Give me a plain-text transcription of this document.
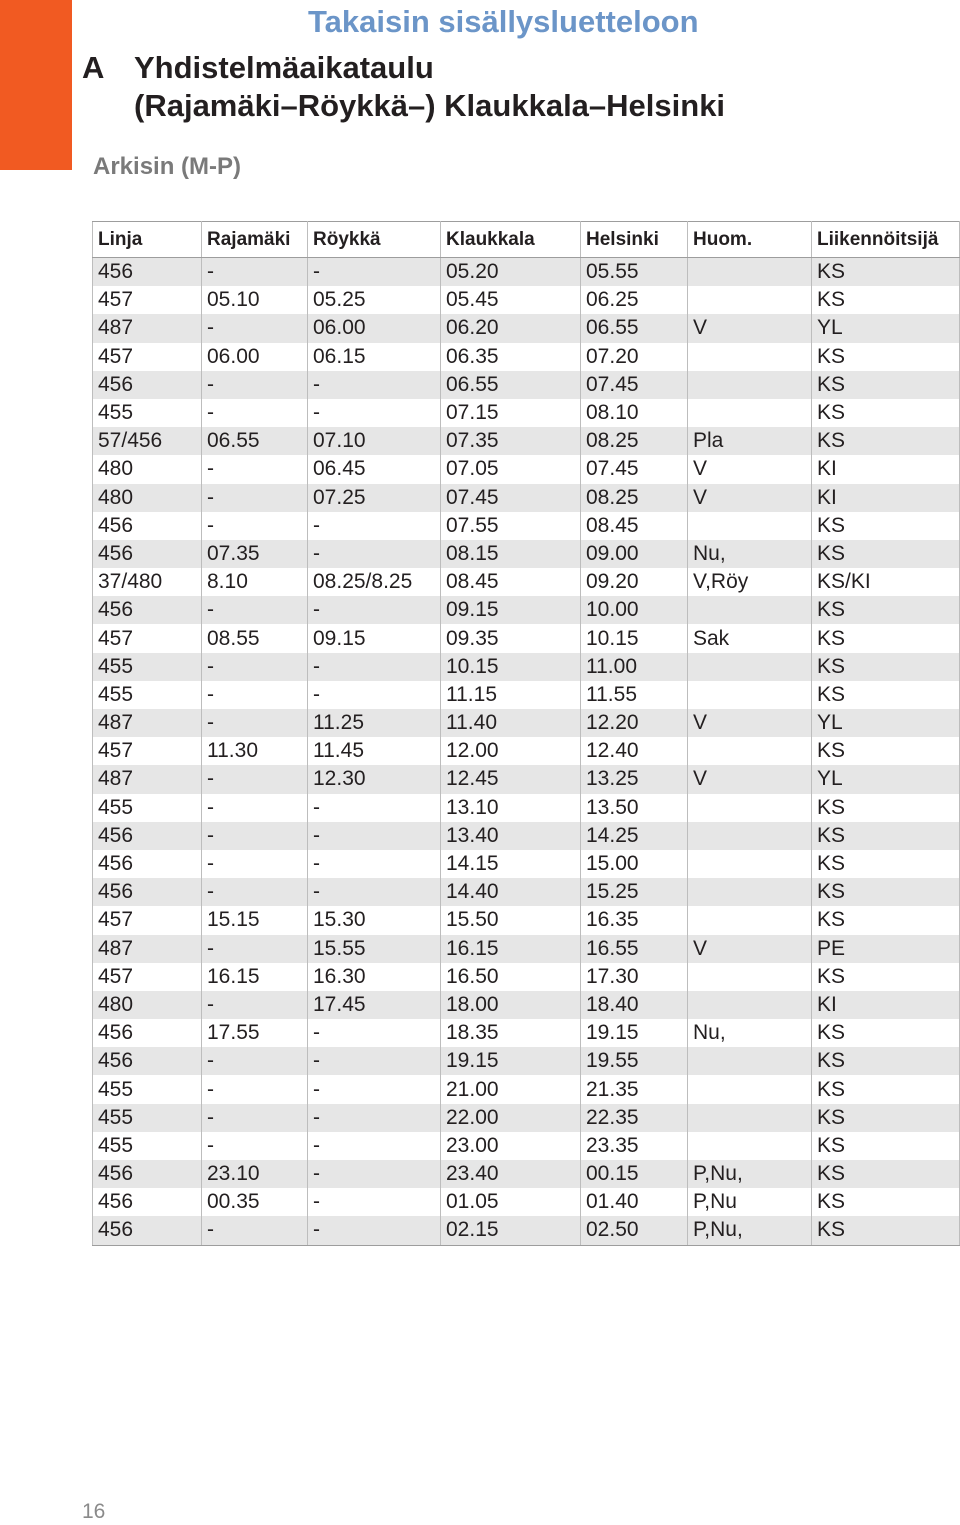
Takaisin sisällysluetteloon
A Yhdistelmäaikataulu
(Rajamäki–Röykkä–) Klaukkala–Helsinki
Arkisin (M-P)
Linja	Rajamäki	Röykkä	Klaukkala	Helsinki	Huom.	Liikennöitsijä
456	-	-	05.20	05.55		KS
457	05.10	05.25	05.45	06.25		KS
487	-	06.00	06.20	06.55	V	YL
457	06.00	06.15	06.35	07.20		KS
456	-	-	06.55	07.45		KS
455	-	-	07.15	08.10		KS
57/456	06.55	07.10	07.35	08.25	Pla	KS
480	-	06.45	07.05	07.45	V	KI
480	-	07.25	07.45	08.25	V	KI
456	-	-	07.55	08.45		KS
456	07.35	-	08.15	09.00	Nu,	KS
37/480	8.10	08.25/8.25	08.45	09.20	V,Röy	KS/KI
456	-	-	09.15	10.00		KS
457	08.55	09.15	09.35	10.15	Sak	KS
455	-	-	10.15	11.00		KS
455	-	-	11.15	11.55		KS
487	-	11.25	11.40	12.20	V	YL
457	11.30	11.45	12.00	12.40		KS
487	-	12.30	12.45	13.25	V	YL
455	-	-	13.10	13.50		KS
456	-	-	13.40	14.25		KS
456	-	-	14.15	15.00		KS
456	-	-	14.40	15.25		KS
457	15.15	15.30	15.50	16.35		KS
487	-	15.55	16.15	16.55	V	PE
457	16.15	16.30	16.50	17.30		KS
480	-	17.45	18.00	18.40		KI
456	17.55	-	18.35	19.15	Nu,	KS
456	-	-	19.15	19.55		KS
455	-	-	21.00	21.35		KS
455	-	-	22.00	22.35		KS
455	-	-	23.00	23.35		KS
456	23.10	-	23.40	00.15	P,Nu,	KS
456	00.35	-	01.05	01.40	P,Nu	KS
456	-	-	02.15	02.50	P,Nu,	KS
16
